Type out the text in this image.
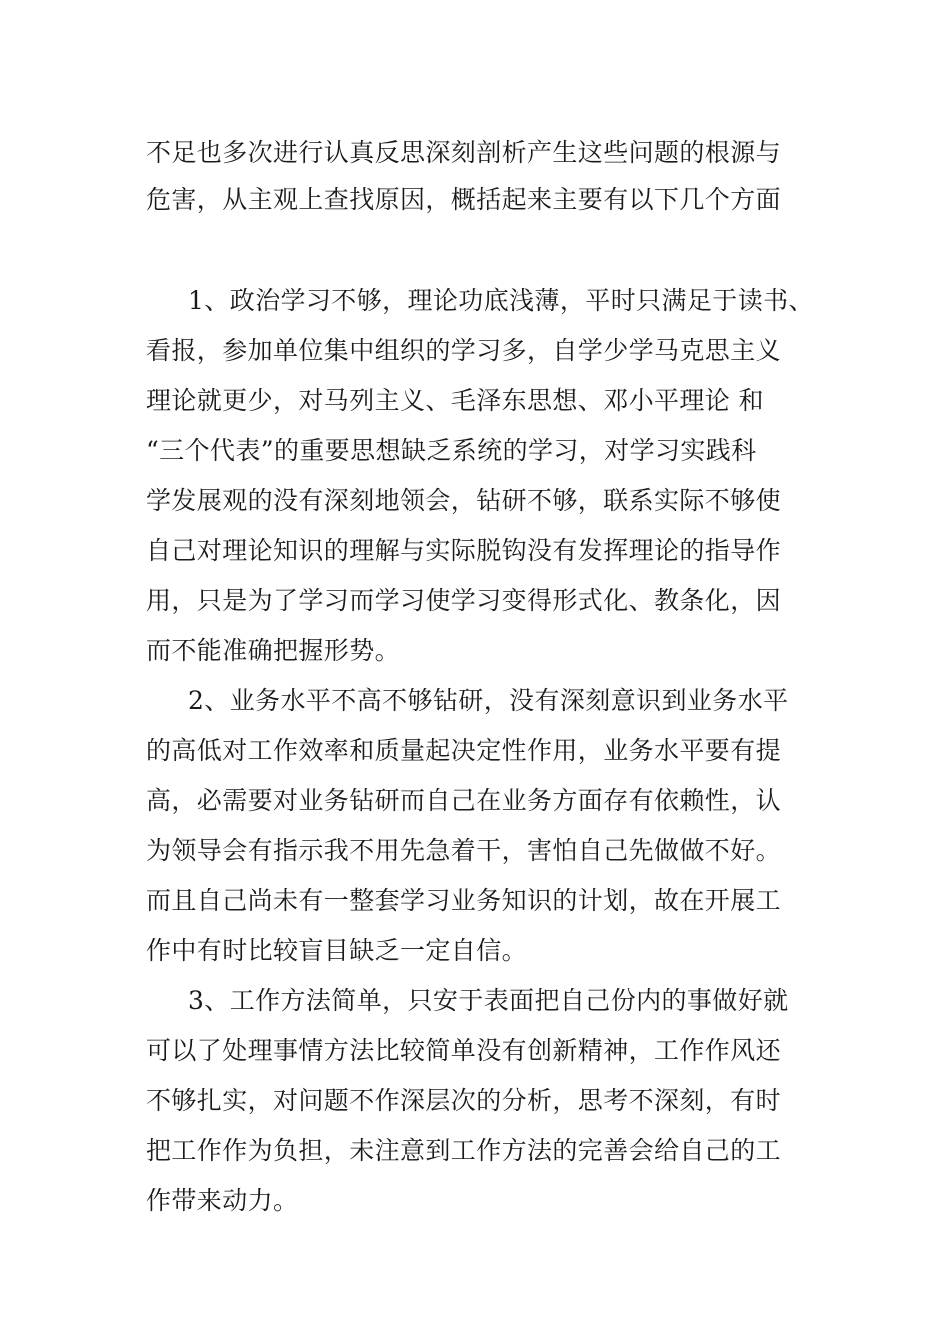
不足也多次进行认真反思深刻剖析产生这些问题的根源与
危害，从主观上查找原因，概括起来主要有以下几个方面
1、政治学习不够，理论功底浅薄，平时只满足于读书、
看报，参加单位集中组织的学习多，自学少学马克思主义
理论就更少，对马列主义、毛泽东思想、邓小平理论 和
“三个代表”的重要思想缺乏系统的学习，对学习实践科
学发展观的没有深刻地领会，钻研不够，联系实际不够使
自己对理论知识的理解与实际脱钩没有发挥理论的指导作
用，只是为了学习而学习使学习变得形式化、教条化，因
而不能准确把握形势。
2、业务水平不高不够钻研，没有深刻意识到业务水平
的高低对工作效率和质量起决定性作用，业务水平要有提
高，必需要对业务钻研而自己在业务方面存有依赖性，认
为领导会有指示我不用先急着干，害怕自己先做做不好。
而且自己尚未有一整套学习业务知识的计划，故在开展工
作中有时比较盲目缺乏一定自信。
3、工作方法简单，只安于表面把自己份内的事做好就
可以了处理事情方法比较简单没有创新精神，工作作风还
不够扎实，对问题不作深层次的分析，思考不深刻，有时
把工作作为负担，未注意到工作方法的完善会给自己的工
作带来动力。
